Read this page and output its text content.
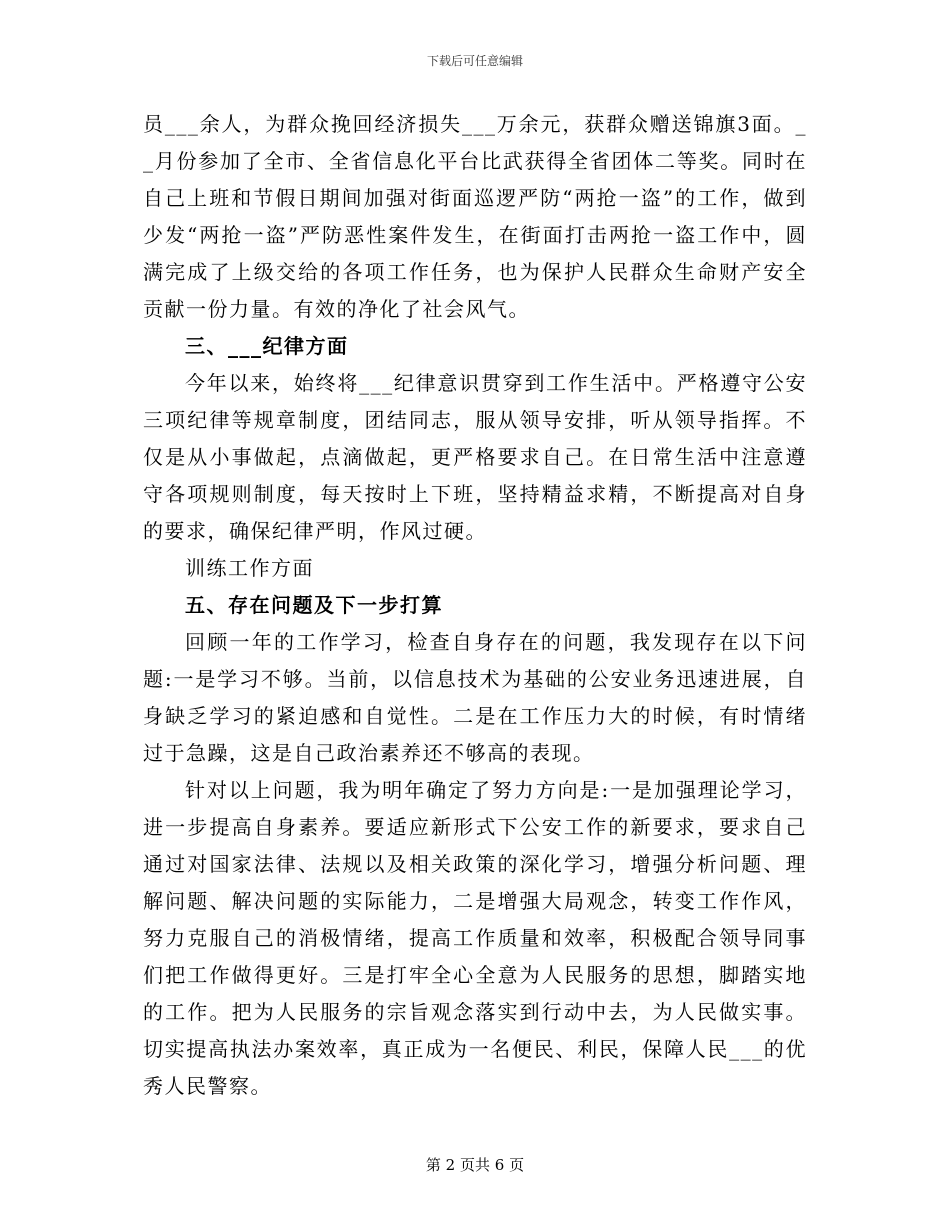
下载后可任意编辑

员___余人，为群众挽回经济损失___万余元，获群众赠送锦旗3面。__月份参加了全市、全省信息化平台比武获得全省团体二等奖。同时在自己上班和节假日期间加强对街面巡逻严防“两抢一盗”的工作，做到少发“两抢一盗”严防恶性案件发生，在街面打击两抢一盗工作中，圆满完成了上级交给的各项工作任务，也为保护人民群众生命财产安全贡献一份力量。有效的净化了社会风气。

三、___纪律方面

今年以来，始终将___纪律意识贯穿到工作生活中。严格遵守公安三项纪律等规章制度，团结同志，服从领导安排，听从领导指挥。不仅是从小事做起，点滴做起，更严格要求自己。在日常生活中注意遵守各项规则制度，每天按时上下班，坚持精益求精，不断提高对自身的要求，确保纪律严明，作风过硬。

训练工作方面

五、存在问题及下一步打算

回顾一年的工作学习，检查自身存在的问题，我发现存在以下问题:一是学习不够。当前，以信息技术为基础的公安业务迅速进展，自身缺乏学习的紧迫感和自觉性。二是在工作压力大的时候，有时情绪过于急躁，这是自己政治素养还不够高的表现。

针对以上问题，我为明年确定了努力方向是:一是加强理论学习，进一步提高自身素养。要适应新形式下公安工作的新要求，要求自己通过对国家法律、法规以及相关政策的深化学习，增强分析问题、理解问题、解决问题的实际能力，二是增强大局观念，转变工作作风，努力克服自己的消极情绪，提高工作质量和效率，积极配合领导同事们把工作做得更好。三是打牢全心全意为人民服务的思想，脚踏实地的工作。把为人民服务的宗旨观念落实到行动中去，为人民做实事。切实提高执法办案效率，真正成为一名便民、利民，保障人民___的优秀人民警察。

第 2 页共 6 页
